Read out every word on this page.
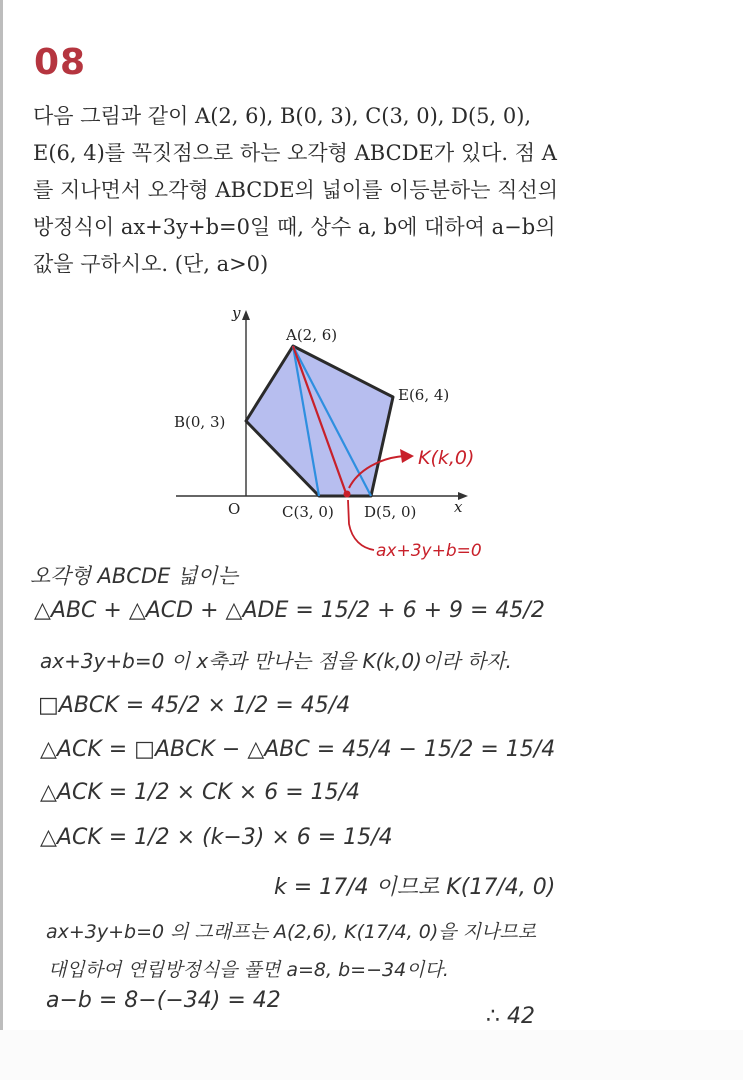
08
다음 그림과 같이 A(2, 6), B(0, 3), C(3, 0), D(5, 0),
E(6, 4)를 꼭짓점으로 하는 오각형 ABCDE가 있다. 점 A
를 지나면서 오각형 ABCDE의 넓이를 이등분하는 직선의
방정식이 ax+3y+b=0일 때, 상수 a, b에 대하여 a−b의
값을 구하시오. (단, a>0)
y
x
O
A(2, 6)
B(0, 3)
C(3, 0) D(5, 0)
E(6, 4)
K(k,0)
ax+3y+b=0
오각형 ABCDE 넓이는
△ABC + △ACD + △ADE = 15/2 + 6 + 9 = 45/2
ax+3y+b=0 이 x축과 만나는 점을 K(k,0)이라 하자.
□ABCK = 45/2 × 1/2 = 45/4
△ACK = □ABCK − △ABC = 45/4 − 15/2 = 15/4
△ACK = 1/2 × CK × 6 = 15/4
△ACK = 1/2 × (k−3) × 6 = 15/4
k = 17/4 이므로 K(17/4, 0)
ax+3y+b=0 의 그래프는 A(2,6), K(17/4, 0)을 지나므로
대입하여 연립방정식을 풀면 a=8, b=−34이다.
a−b = 8−(−34) = 42
∴ 42
